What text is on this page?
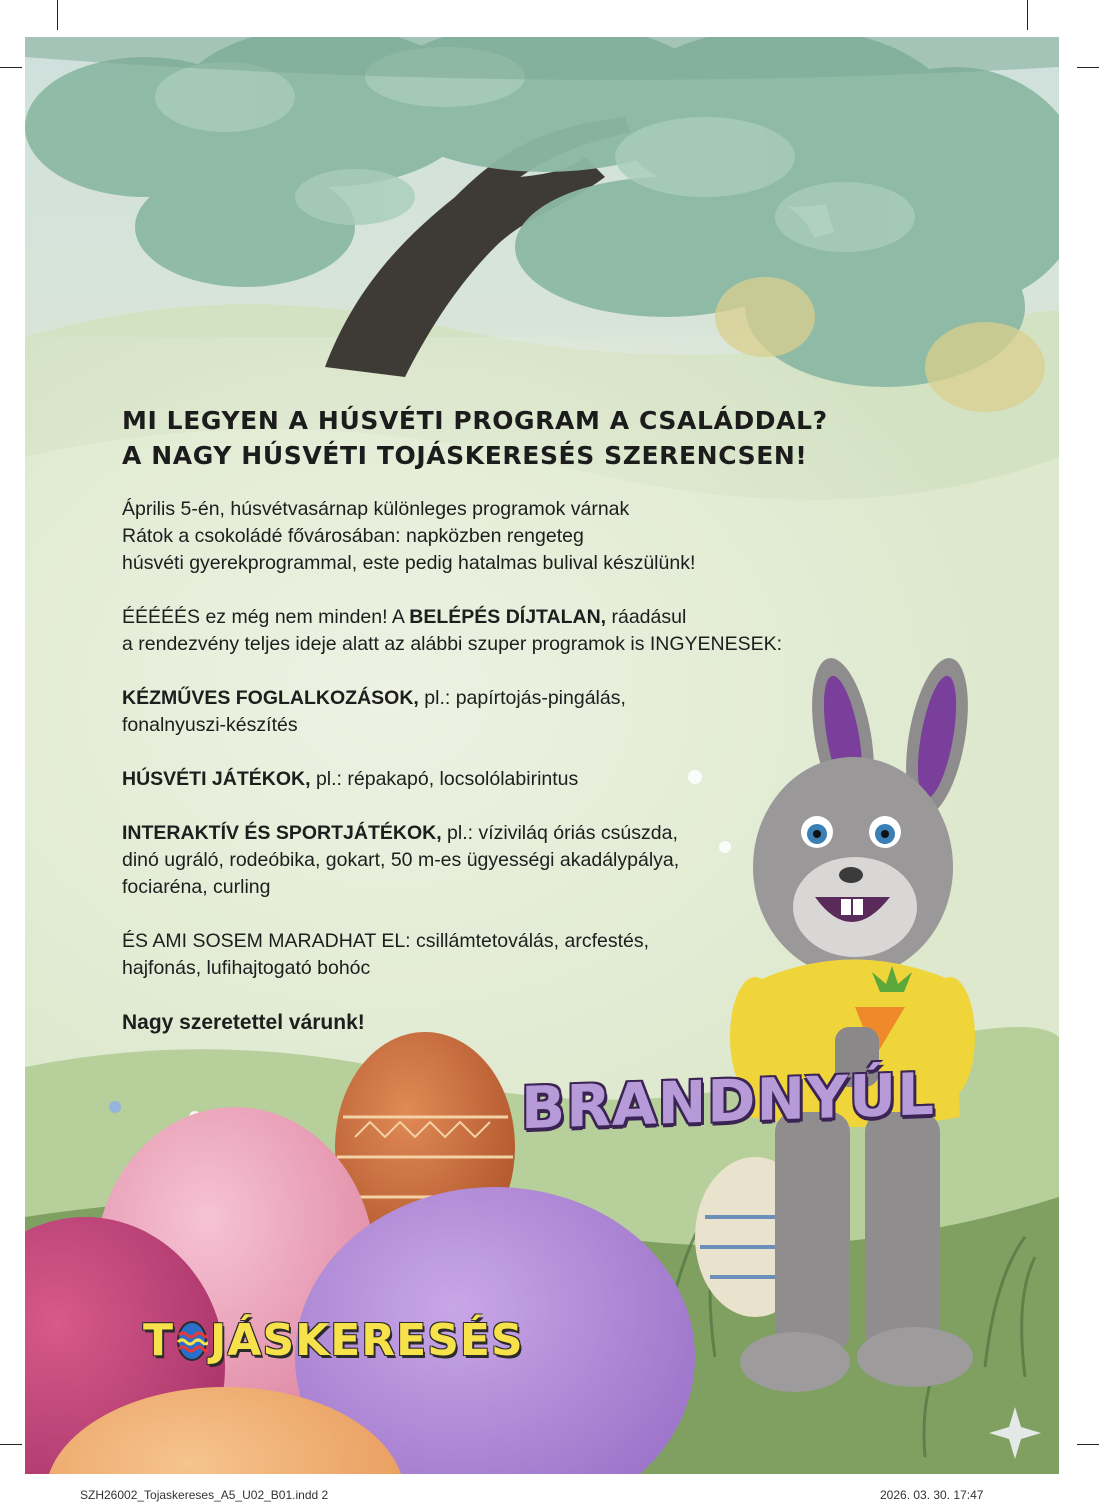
MI LEGYEN A HÚSVÉTI PROGRAM A CSALÁDDAL?
A NAGY HÚSVÉTI TOJÁSKERESÉS SZERENCSEN!

Április 5-én, húsvétvasárnap különleges programok várnak

Rátok a csokoládé fővárosában: napközben rengeteg

húsvéti gyerekprogrammal, este pedig hatalmas bulival készülünk!

ÉÉÉÉÉS ez még nem minden! A BELÉPÉS DÍJTALAN, ráadásul

a rendezvény teljes ideje alatt az alábbi szuper programok is INGYENESEK:

KÉZMŰVES FOGLALKOZÁSOK, pl.: papírtojás-pingálás,

fonalnyuszi-készítés

HÚSVÉTI JÁTÉKOK, pl.: répakapó, locsolólabirintus

INTERAKTÍV ÉS SPORTJÁTÉKOK, pl.: víziviláq óriás csúszda,

dinó ugráló, rodeóbika, gokart, 50 m-es ügyességi akadálypálya,

fociaréna, curling

ÉS AMI SOSEM MARADHAT EL: csillámtetoválás, arcfestés,

hajfonás, lufihajtogató bohóc

Nagy szeretettel várunk!

BRANDNYÚL
T JÁSKERESÉS
SZH26002_Tojaskereses_A5_U02_B01.indd 2	2026. 03. 30. 17:47
